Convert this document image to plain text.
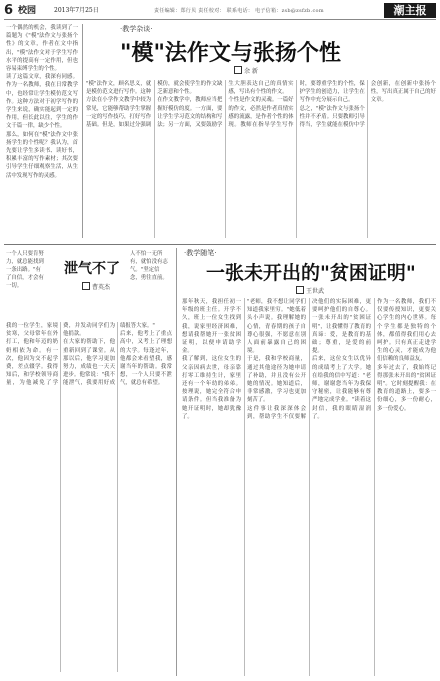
6 校园	2013年7月25日	责任编辑：郑行贝 责任校对： 联系电话： 电子信箱：zsb@zsfzb.com	潮主报
一个偶然的机会，我读到了一篇题为《"模"法作文与张扬个性》的文章，作者在文中指出，"模"法作文对于学生写作水平的提高有一定作用，但也容易束缚学生的个性。
读了这篇文章，我深有同感。作为一名教师，我在日常教学中，也经常让学生模仿范文写作。这种方法对于初学写作的学生来说，确实能起到一定的作用，但长此以往，学生的作文千篇一律，缺少个性。
那么，如何在"模"法作文中张扬学生的个性呢？我认为，首先要让学生多读书、读好书，积累丰富的写作素材；其次要引导学生仔细观察生活，从生活中发现写作的灵感。
·教学杂谈·
"模"法作文与张扬个性
余 新
"模"法作文，顾名思义，就是模仿范文进行写作。这种方法在小学作文教学中较为常见，它能够帮助学生掌握一定的写作技巧，打好写作基础。但是，如果过分强调模仿，就会使学生的作文缺乏新意和个性。
在作文教学中，教师应当把握好模仿的度。一方面，要让学生学习范文的结构和写法；另一方面，又要鼓励学生大胆表达自己的真情实感，写出有个性的作文。
个性是作文的灵魂。一篇好的作文，必然是作者真情实感的流露，是作者个性的体现。教师在指导学生写作时，要尊重学生的个性，保护学生的创造力，让学生在写作中充分展示自己。
总之，"模"法作文与张扬个性并不矛盾。只要教师引导得当，学生就能在模仿中学会创新，在创新中张扬个性，写出真正属于自己的好文章。
一个人只要肯努力，就总能找到一条出路。"有了自信，才会有一切。
泄气不了
曹英杰
人不怕一无所有，就怕没有志气。"坚定信念，勇往直前。
我的一位学生，家境贫寒，父母常年在外打工，他和年迈的奶奶相依为命。有一次，他因为交不起学费，差点辍学。我得知后，和学校领导商量，为他减免了学费，并发动同学们为他捐款。
在大家的帮助下，他重新回到了课堂。从那以后，他学习更加努力，成绩也一天天进步。他常说："我不能泄气，我要用好成绩报答大家。"
后来，他考上了重点高中，又考上了理想的大学。每逢过年，他都会来看望我，感谢当年的帮助。我常想，一个人只要不泄气，就总有希望。
·教学随笔·
一张未开出的"贫困证明"
王世武
那年秋天，我担任初一年级的班主任。开学不久，班上一位女生找到我，说家里经济困难，想请我帮她开一张贫困证明，以便申请助学金。
我了解到，这位女生的父亲因病去世，母亲靠打零工维持生计，家里还有一个年幼的弟弟。按理说，她完全符合申请条件。但当我准备为她开证明时，她却犹豫了。
"老师，我不想让同学们知道我家里穷。"她低着头小声说。我理解她的心情，青春期的孩子自尊心很强，不愿意在别人面前暴露自己的困境。
于是，我和学校商量，通过其他途径为她申请了补助，并且没有公开她的情况。她知道后，非常感激，学习也更加刻苦了。
这件事让我深深体会到，帮助学生不仅要解决他们的实际困难，更要呵护他们的自尊心。一张未开出的"贫困证明"，让我懂得了教育的真谛：爱，是教育的基础；尊重，是爱的前提。
后来，这位女生以优异的成绩考上了大学。她在给我的信中写道："老师，谢谢您当年为我保守秘密，让我能够有尊严地完成学业。"读着这封信，我的眼睛湿润了。
作为一名教师，我们不仅要传授知识，更要关心学生的内心世界。每个学生都是独特的个体，都值得我们用心去呵护。只有真正走进学生的心灵，才能成为他们信赖的良师益友。
多年过去了，我始终记得那张未开出的"贫困证明"。它时刻提醒我：在教育的道路上，要多一份细心，多一份耐心，多一份爱心。
